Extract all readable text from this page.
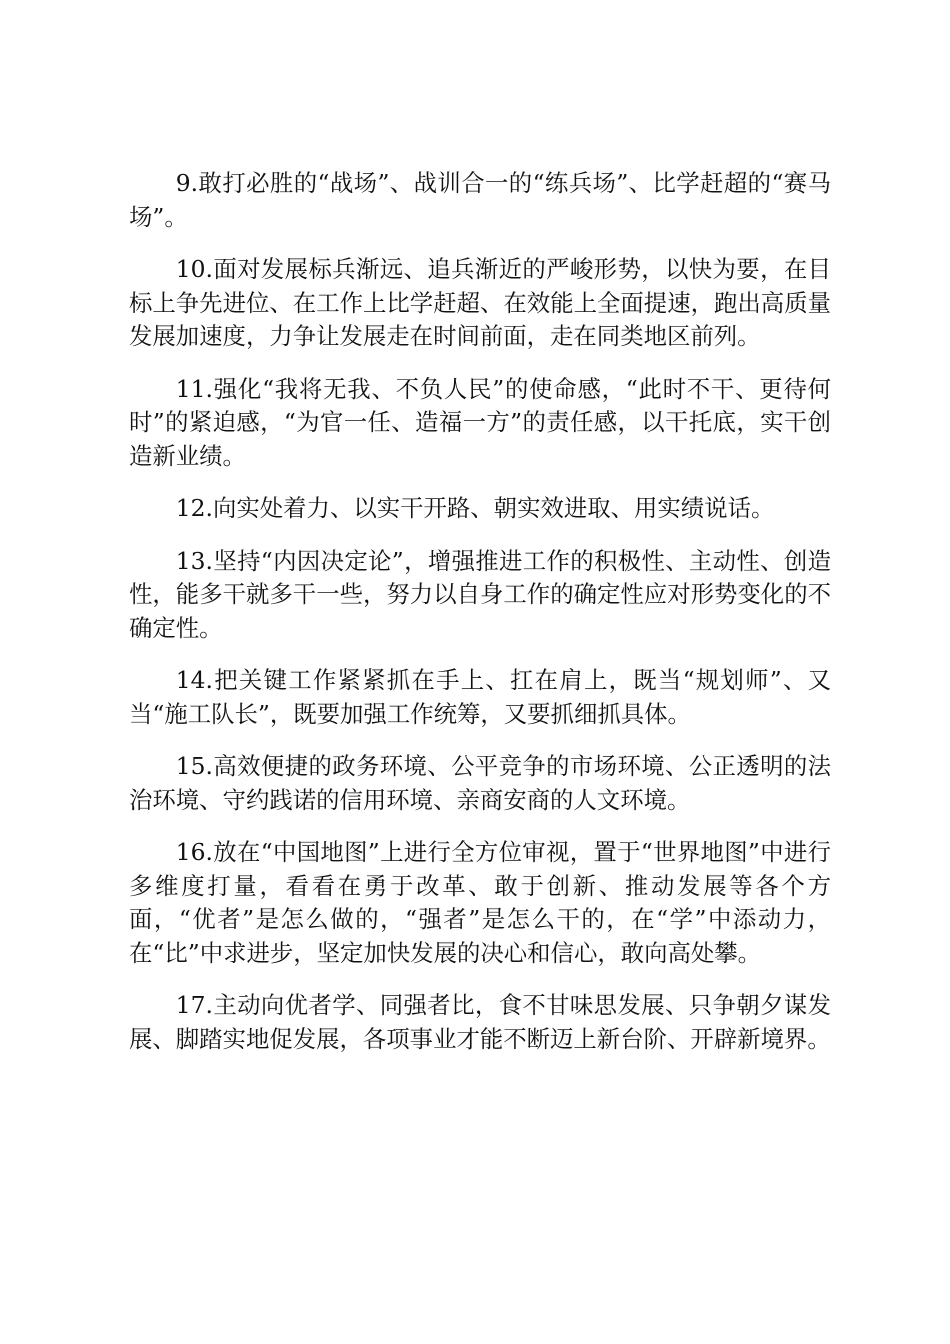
9.敢打必胜的“战场”、战训合一的“练兵场”、比学赶超的“赛马场”。

10.面对发展标兵渐远、追兵渐近的严峻形势，以快为要，在目标上争先进位、在工作上比学赶超、在效能上全面提速，跑出高质量发展加速度，力争让发展走在时间前面，走在同类地区前列。

11.强化“我将无我、不负人民”的使命感，“此时不干、更待何时”的紧迫感，“为官一任、造福一方”的责任感，以干托底，实干创造新业绩。

12.向实处着力、以实干开路、朝实效进取、用实绩说话。

13.坚持“内因决定论”，增强推进工作的积极性、主动性、创造性，能多干就多干一些，努力以自身工作的确定性应对形势变化的不确定性。

14.把关键工作紧紧抓在手上、扛在肩上，既当“规划师”、又当“施工队长”，既要加强工作统筹，又要抓细抓具体。

15.高效便捷的政务环境、公平竞争的市场环境、公正透明的法治环境、守约践诺的信用环境、亲商安商的人文环境。

16.放在“中国地图”上进行全方位审视，置于“世界地图”中进行多维度打量，看看在勇于改革、敢于创新、推动发展等各个方面，“优者”是怎么做的，“强者”是怎么干的，在“学”中添动力，在“比”中求进步，坚定加快发展的决心和信心，敢向高处攀。

17.主动向优者学、同强者比，食不甘味思发展、只争朝夕谋发展、脚踏实地促发展，各项事业才能不断迈上新台阶、开辟新境界。
